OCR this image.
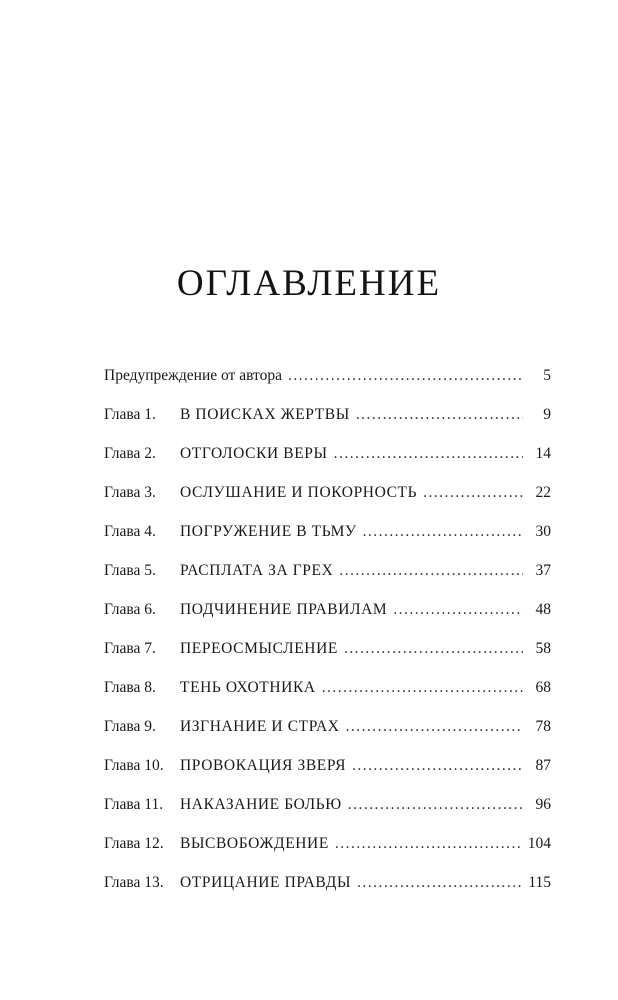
ОГЛАВЛЕНИЕ
Предупреждение от автора . . .	5
Глава 1.	В ПОИСКАХ ЖЕРТВЫ . . .	9
Глава 2.	ОТГОЛОСКИ ВЕРЫ . . .	14
Глава 3.	ОСЛУШАНИЕ И ПОКОРНОСТЬ . . .	22
Глава 4.	ПОГРУЖЕНИЕ В ТЬМУ . . .	30
Глава 5.	РАСПЛАТА ЗА ГРЕХ . . .	37
Глава 6.	ПОДЧИНЕНИЕ ПРАВИЛАМ . . .	48
Глава 7.	ПЕРЕОСМЫСЛЕНИЕ . . .	58
Глава 8.	ТЕНЬ ОХОТНИКА . . .	68
Глава 9.	ИЗГНАНИЕ И СТРАХ . . .	78
Глава 10.	ПРОВОКАЦИЯ ЗВЕРЯ . . .	87
Глава 11.	НАКАЗАНИЕ БОЛЬЮ . . .	96
Глава 12.	ВЫСВОБОЖДЕНИЕ . . .	104
Глава 13.	ОТРИЦАНИЕ ПРАВДЫ . . .	115
